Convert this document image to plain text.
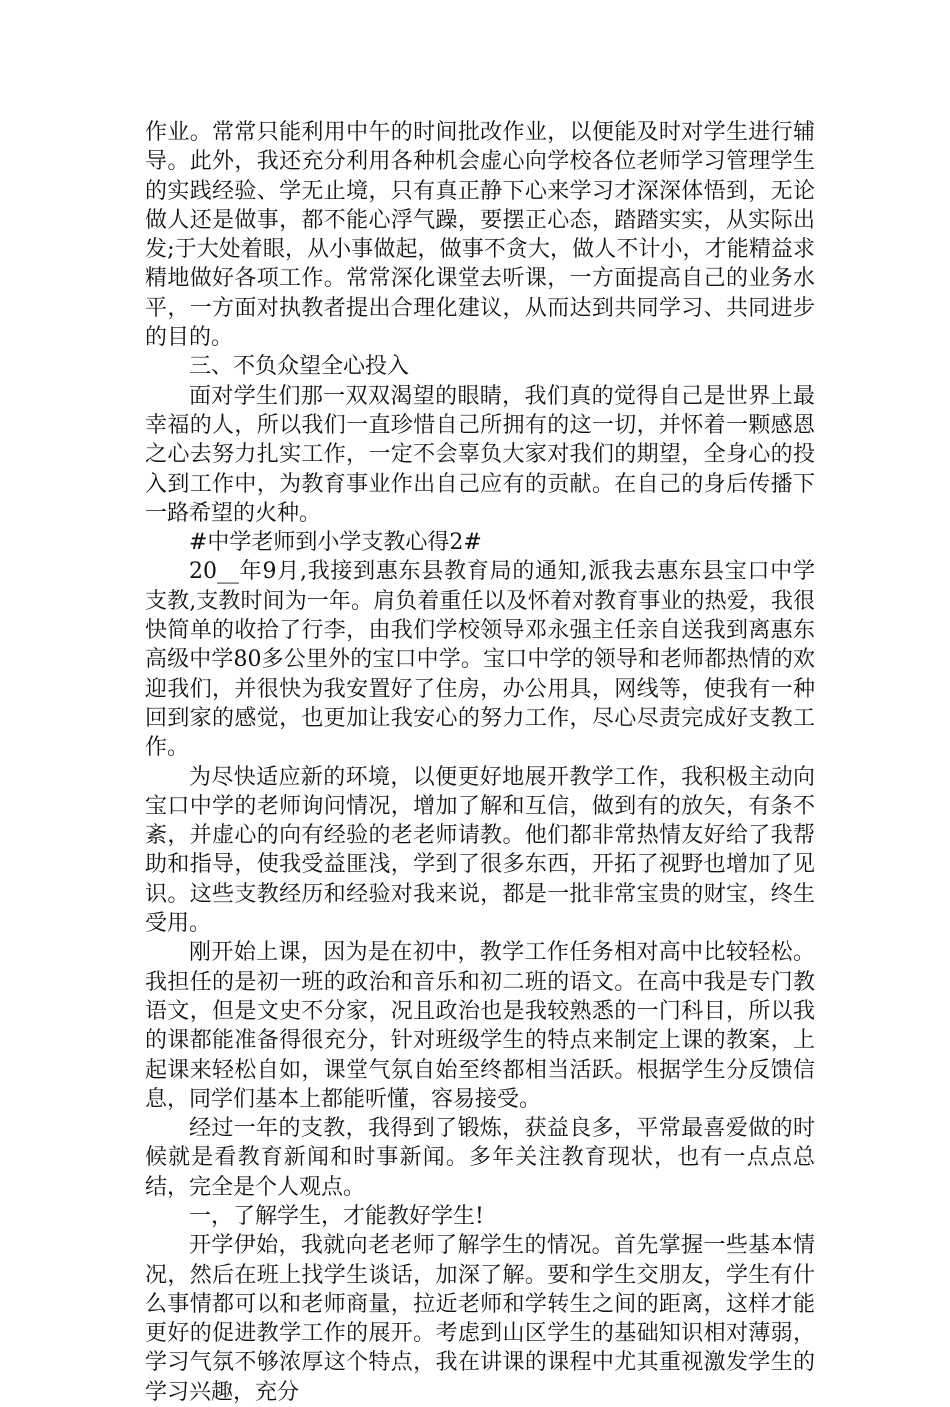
作业。常常只能利用中午的时间批改作业，以便能及时对学生进行辅导。此外，我还充分利用各种机会虚心向学校各位老师学习管理学生的实践经验、学无止境，只有真正静下心来学习才深深体悟到，无论做人还是做事，都不能心浮气躁，要摆正心态，踏踏实实，从实际出发;于大处着眼，从小事做起，做事不贪大，做人不计小，才能精益求精地做好各项工作。常常深化课堂去听课，一方面提高自己的业务水平，一方面对执教者提出合理化建议，从而达到共同学习、共同进步的目的。

三、不负众望全心投入

面对学生们那一双双渴望的眼睛，我们真的觉得自己是世界上最幸福的人，所以我们一直珍惜自己所拥有的这一切，并怀着一颗感恩之心去努力扎实工作，一定不会辜负大家对我们的期望，全身心的投入到工作中，为教育事业作出自己应有的贡献。在自己的身后传播下一路希望的火种。

#中学老师到小学支教心得2#

20__年9月,我接到惠东县教育局的通知,派我去惠东县宝口中学支教,支教时间为一年。肩负着重任以及怀着对教育事业的热爱，我很快简单的收拾了行李，由我们学校领导邓永强主任亲自送我到离惠东高级中学80多公里外的宝口中学。宝口中学的领导和老师都热情的欢迎我们，并很快为我安置好了住房，办公用具，网线等，使我有一种回到家的感觉，也更加让我安心的努力工作，尽心尽责完成好支教工作。

为尽快适应新的环境，以便更好地展开教学工作，我积极主动向宝口中学的老师询问情况，增加了解和互信，做到有的放矢，有条不紊，并虚心的向有经验的老老师请教。他们都非常热情友好给了我帮助和指导，使我受益匪浅，学到了很多东西，开拓了视野也增加了见识。这些支教经历和经验对我来说，都是一批非常宝贵的财宝，终生受用。

刚开始上课，因为是在初中，教学工作任务相对高中比较轻松。我担任的是初一班的政治和音乐和初二班的语文。在高中我是专门教语文，但是文史不分家，况且政治也是我较熟悉的一门科目，所以我的课都能准备得很充分，针对班级学生的特点来制定上课的教案，上起课来轻松自如，课堂气氛自始至终都相当活跃。根据学生分反馈信息，同学们基本上都能听懂，容易接受。

经过一年的支教，我得到了锻炼，获益良多，平常最喜爱做的时候就是看教育新闻和时事新闻。多年关注教育现状，也有一点点总结，完全是个人观点。

一，了解学生，才能教好学生!

开学伊始，我就向老老师了解学生的情况。首先掌握一些基本情况，然后在班上找学生谈话，加深了解。要和学生交朋友，学生有什么事情都可以和老师商量，拉近老师和学转生之间的距离，这样才能更好的促进教学工作的展开。考虑到山区学生的基础知识相对薄弱，学习气氛不够浓厚这个特点，我在讲课的课程中尤其重视激发学生的学习兴趣，充分
